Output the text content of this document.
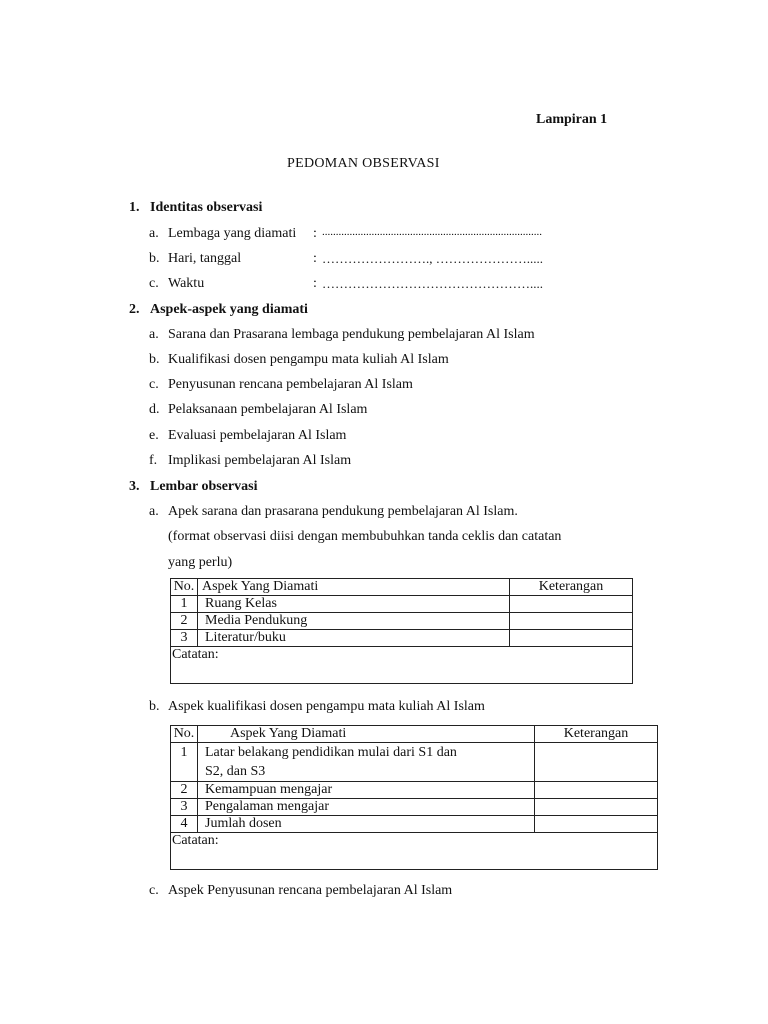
Lampiran 1
PEDOMAN OBSERVASI
1. Identitas observasi
a. Lembaga yang diamati : ................................................................................
b. Hari, tanggal	: ……………………., ………………….....
c. Waktu	: …………………………………………....
2. Aspek-aspek yang diamati
a. Sarana dan Prasarana lembaga pendukung pembelajaran Al Islam
b. Kualifikasi dosen pengampu mata kuliah Al Islam
c. Penyusunan rencana pembelajaran Al Islam
d. Pelaksanaan pembelajaran Al Islam
e. Evaluasi pembelajaran Al Islam
f. Implikasi pembelajaran Al Islam
3. Lembar observasi
a. Apek sarana dan prasarana pendukung pembelajaran Al Islam.
(format observasi diisi dengan membubuhkan tanda ceklis dan catatan
yang perlu)
No.	Aspek Yang Diamati	Keterangan
1	Ruang Kelas	
2	Media Pendukung	
3	Literatur/buku	
Catatan:		
b. Aspek kualifikasi dosen pengampu mata kuliah Al Islam
No.	Aspek Yang Diamati	Keterangan
1	Latar belakang pendidikan mulai dari S1 dan
S2, dan S3	

2	Kemampuan mengajar	
3	Pengalaman mengajar	
4	Jumlah dosen	
Catatan:		
c. Aspek Penyusunan rencana pembelajaran Al Islam
